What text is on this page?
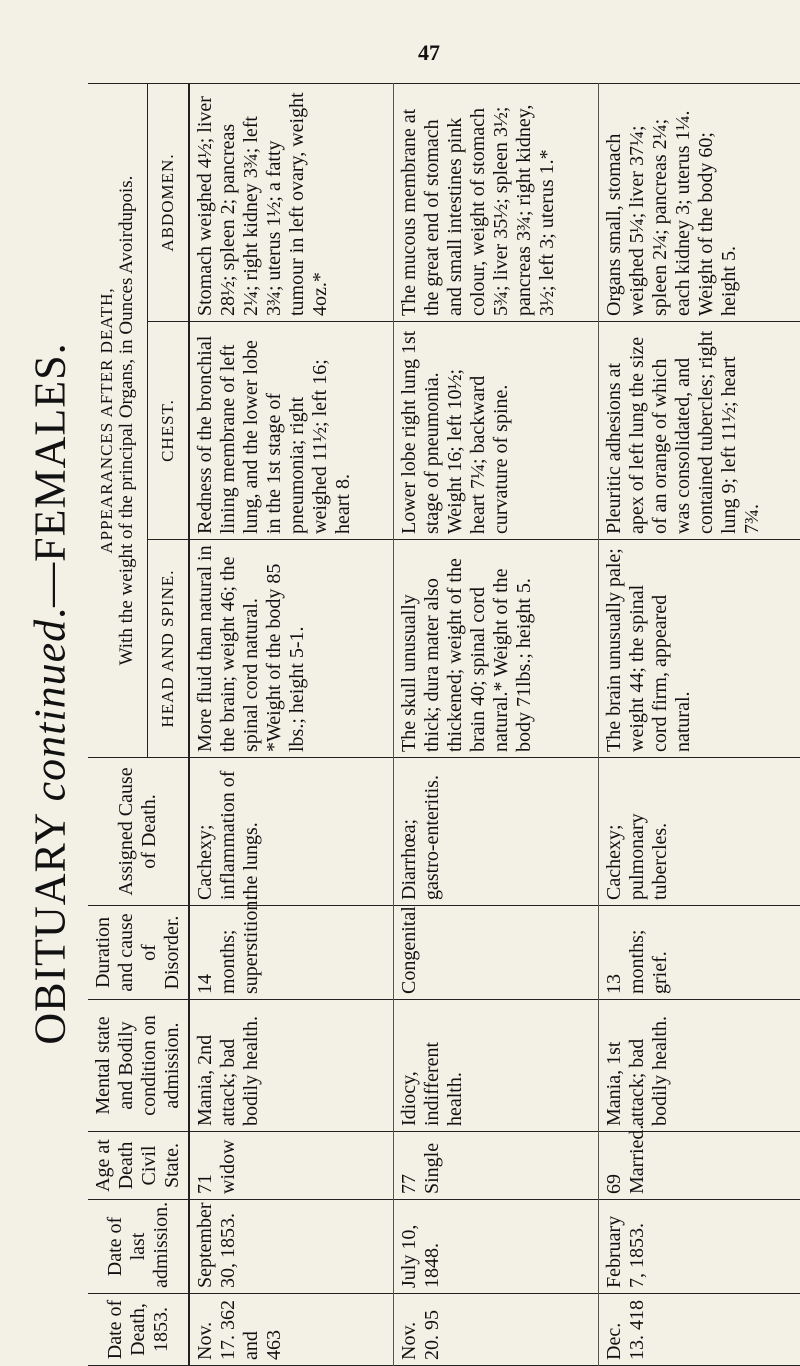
47
OBITUARY continued.—FEMALES.
Date of Death, 1853.	Date of last admission.	Age at Death Civil State.	Mental state and Bodily condition on admission.	Duration and cause of Disorder.	Assigned Cause of Death.	APPEARANCES AFTER DEATH, With the weight of the principal Organs, in Ounces Avoirdupois.		

						HEAD AND SPINE.	CHEST.	ABDOMEN.
Nov. 17. 362 and 463	September 30, 1853.	71 widow	Mania, 2nd attack; bad bodily health.	14 months; superstition.	Cachexy; inflammation of the lungs.	More fluid than natural in the brain; weight 46; the spinal cord natural. *Weight of the body 85 lbs.; height 5-1.	Redness of the bronchial lining membrane of left lung, and the lower lobe in the 1st stage of pneumonia; right weighed 11½; left 16; heart 8.	Stomach weighed 4½; liver 28½; spleen 2; pancreas 2¼; right kidney 3¾; left 3¾; uterus 1½; a fatty tumour in left ovary, weight 4oz.*
Nov. 20. 95	July 10, 1848.	77 Single	Idiocy, indifferent health.	Congenital	Diarrhœa; gastro-enteritis.	The skull unusually thick; dura mater also thickened; weight of the brain 40; spinal cord natural.* Weight of the body 71lbs.; height 5.	Lower lobe right lung 1st stage of pneumonia. Weight 16; left 10½; heart 7¼; backward curvature of spine.	The mucous membrane at the great end of stomach and small intestines pink colour, weight of stomach 5¾; liver 35½; spleen 3½; pancreas 3¾; right kidney, 3½; left 3; uterus 1.*
Dec. 13. 418	February 7, 1853.	69 Married.	Mania, 1st attack; bad bodily health.	13 months; grief.	Cachexy; pulmonary tubercles.	The brain unusually pale; weight 44; the spinal cord firm, appeared natural.	Pleuritic adhesions at apex of left lung the size of an orange of which was consolidated, and contained tubercles; right lung 9; left 11½; heart 7¾.	Organs small, stomach weighed 5¼; liver 37¼; spleen 2¼; pancreas 2¼; each kidney 3; uterus 1¼. Weight of the body 60; height 5.
